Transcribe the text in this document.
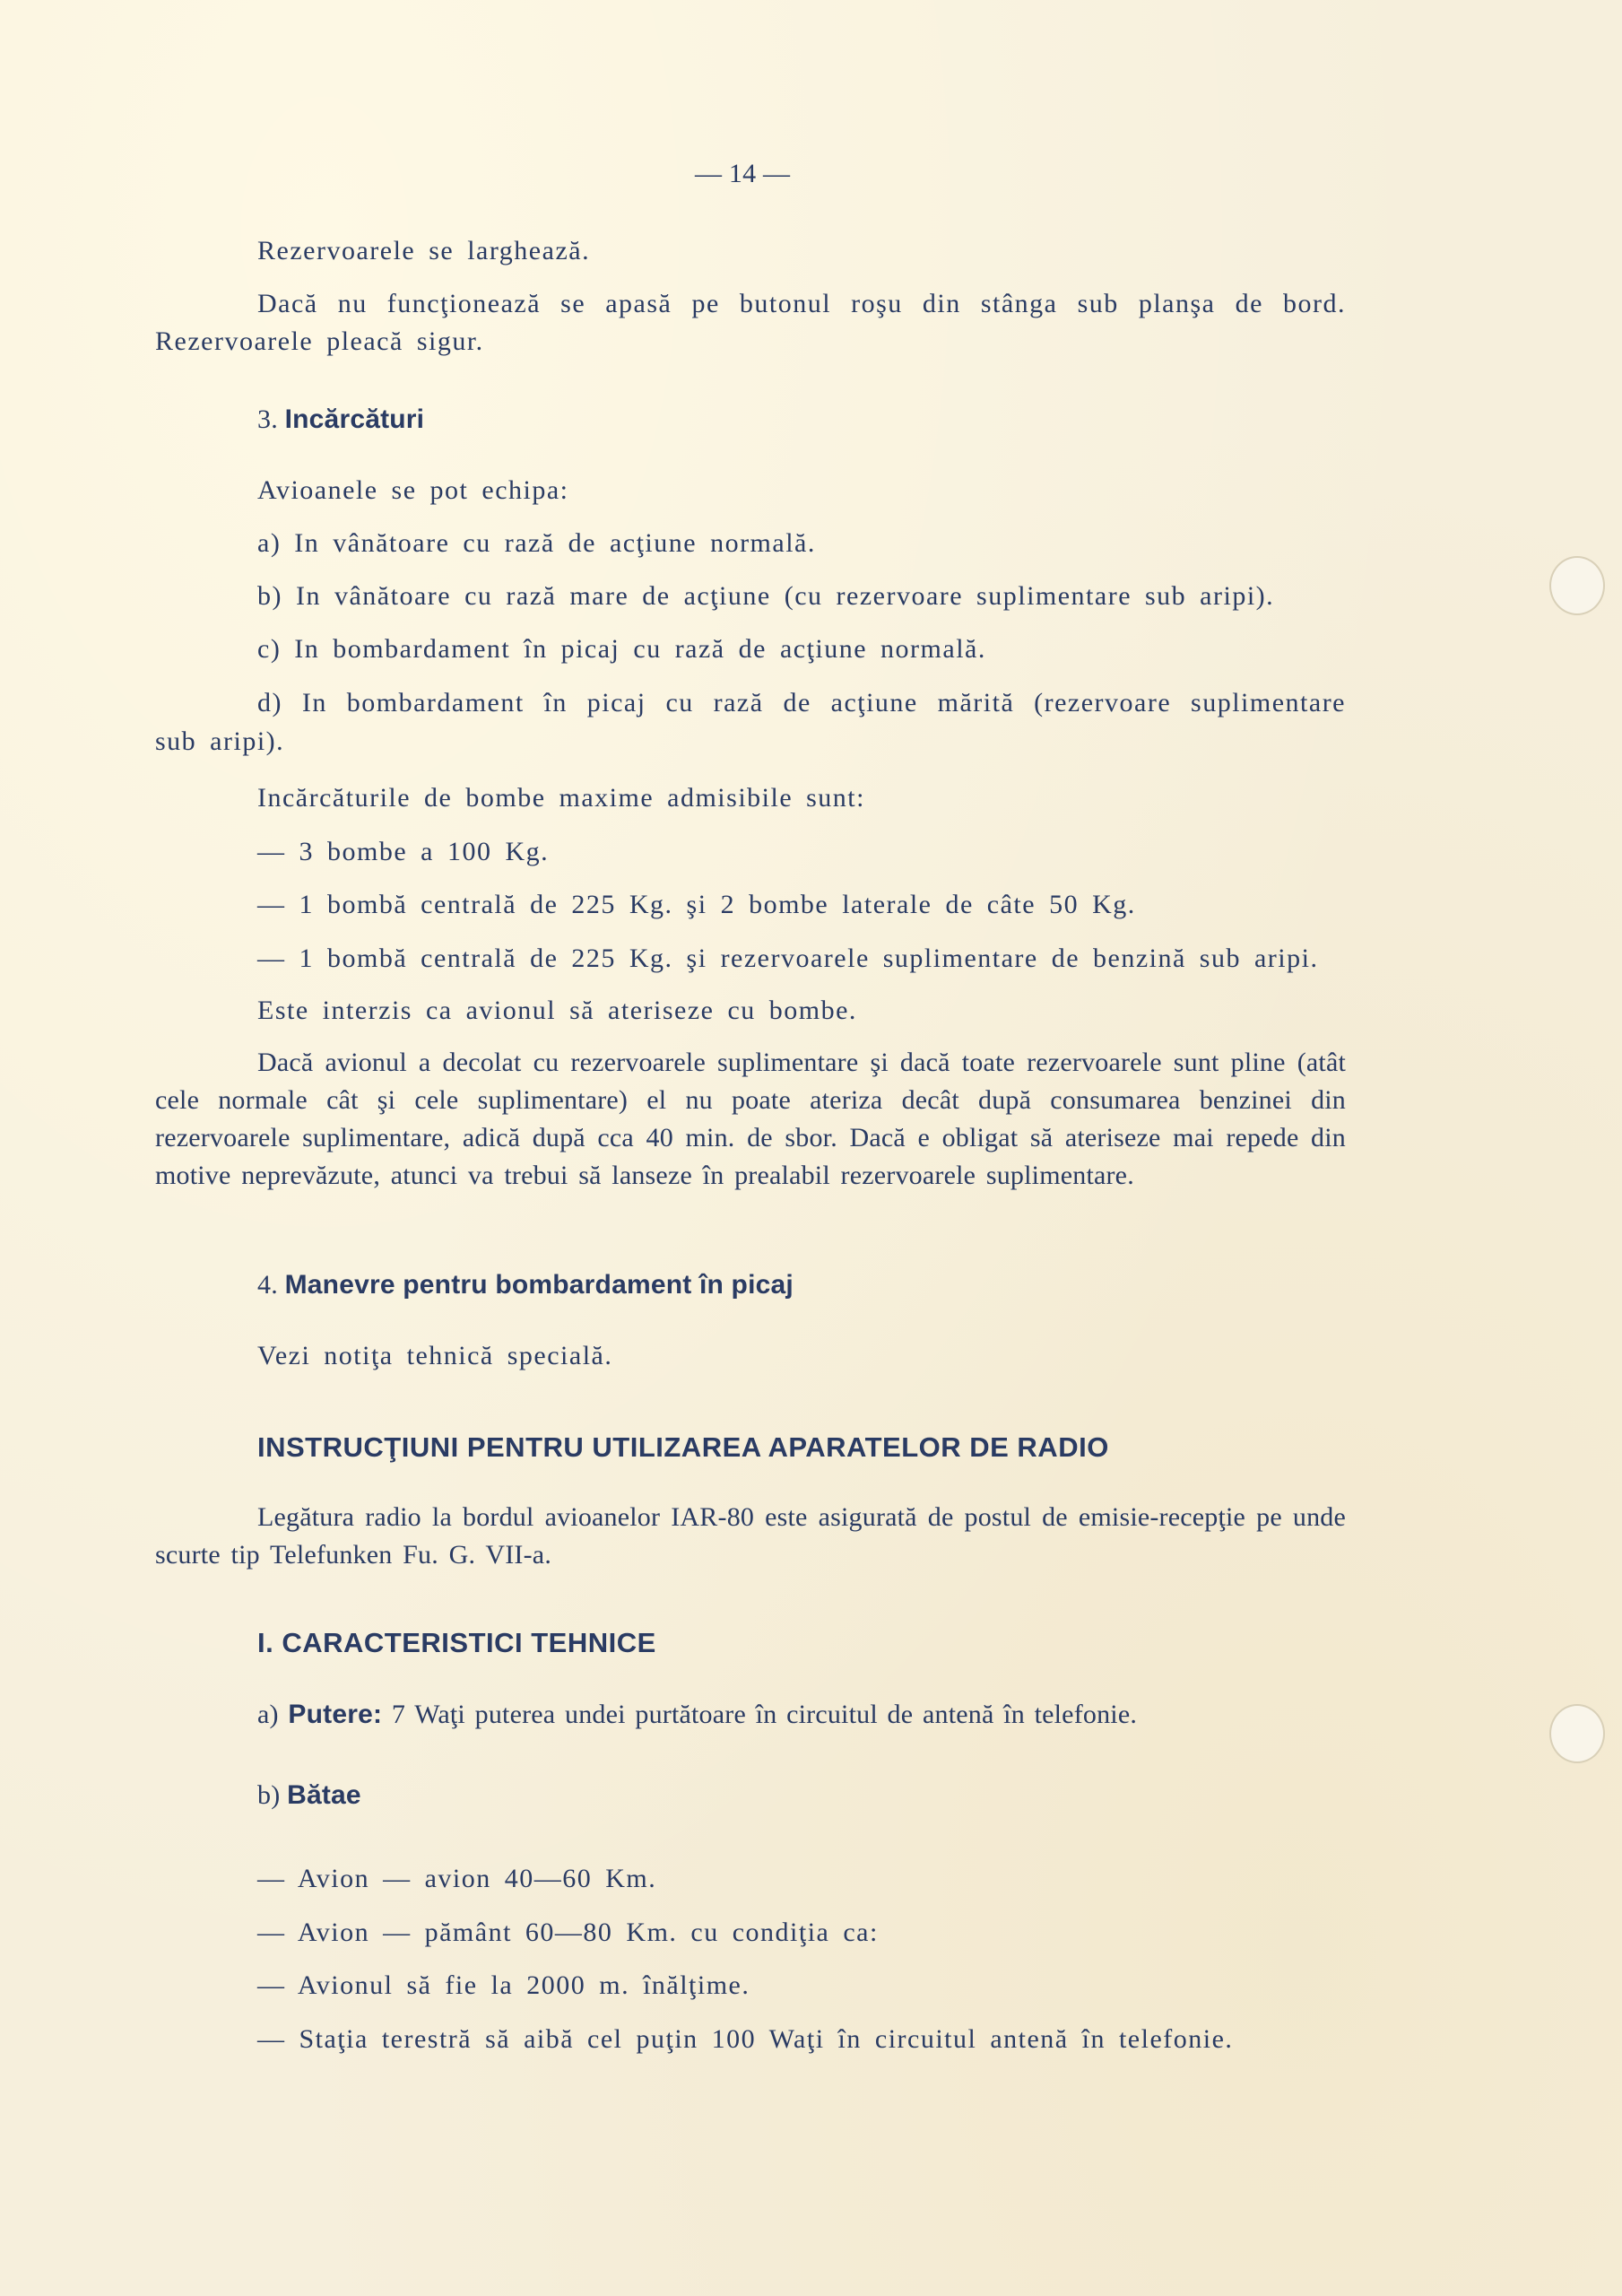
— 14 —
Rezervoarele se larghează.
Dacă nu funcţionează se apasă pe butonul roşu din stânga sub planşa de bord. Rezervoarele pleacă sigur.
3. Incărcături
Avioanele se pot echipa:
a) In vânătoare cu rază de acţiune normală.
b) In vânătoare cu rază mare de acţiune (cu rezervoare suplimentare sub aripi).
c) In bombardament în picaj cu rază de acţiune normală.
d) In bombardament în picaj cu rază de acţiune mărită (rezervoare suplimentare
sub aripi).
Incărcăturile de bombe maxime admisibile sunt:
— 3 bombe a 100 Kg.
— 1 bombă centrală de 225 Kg. şi 2 bombe laterale de câte 50 Kg.
— 1 bombă centrală de 225 Kg. şi rezervoarele suplimentare de benzină sub aripi.
Este interzis ca avionul să ateriseze cu bombe.
Dacă avionul a decolat cu rezervoarele suplimentare şi dacă toate rezervoarele sunt pline (atât cele normale cât şi cele suplimentare) el nu poate ateriza decât după consumarea benzinei din rezervoarele suplimentare, adică după cca 40 min. de sbor. Dacă e obligat să ateriseze mai repede din motive neprevăzute, atunci va trebui să lanseze în prealabil rezervoarele suplimentare.
4. Manevre pentru bombardament în picaj
Vezi notiţa tehnică specială.
INSTRUCŢIUNI PENTRU UTILIZAREA APARATELOR DE RADIO
Legătura radio la bordul avioanelor IAR-80 este asigurată de postul de emisie-recepţie pe unde scurte tip Telefunken Fu. G. VII-a.
I. CARACTERISTICI TEHNICE
a) Putere: 7 Waţi puterea undei purtătoare în circuitul de antenă în telefonie.
b) Bătae
— Avion — avion 40—60 Km.
— Avion — pământ 60—80 Km. cu condiţia ca:
— Avionul să fie la 2000 m. înălţime.
— Staţia terestră să aibă cel puţin 100 Waţi în circuitul antenă în telefonie.
